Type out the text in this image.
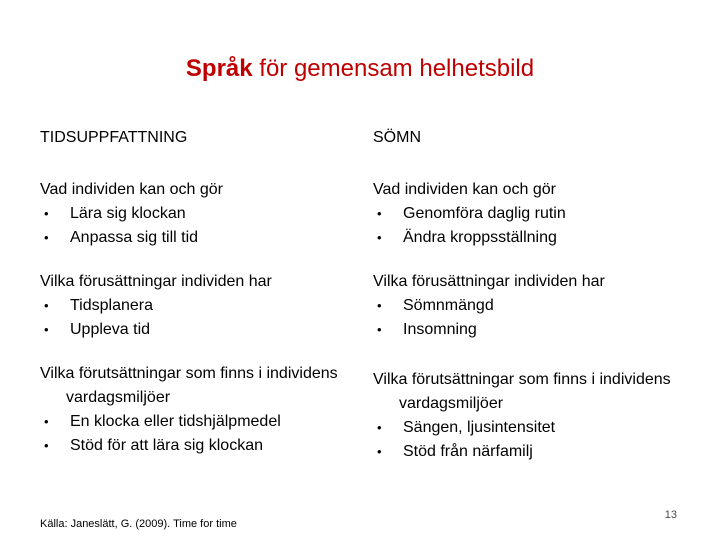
Språk för gemensam helhetsbild
TIDSUPPFATTNING
Vad individen kan och gör
• Lära sig klockan
• Anpassa sig till tid
Vilka förusättningar individen har
• Tidsplanera
• Uppleva tid
Vilka förutsättningar som finns i individens vardagsmiljöer
• En klocka eller tidshjälpmedel
• Stöd för att lära sig klockan
SÖMN
Vad individen kan och gör
• Genomföra daglig rutin
• Ändra kroppsställning
Vilka förusättningar individen har
• Sömnmängd
• Insomning
Vilka förutsättningar som finns i individens vardagsmiljöer
• Sängen, ljusintensitet
• Stöd från närfamilj
Källa: Janeslätt, G. (2009). Time for time
13
